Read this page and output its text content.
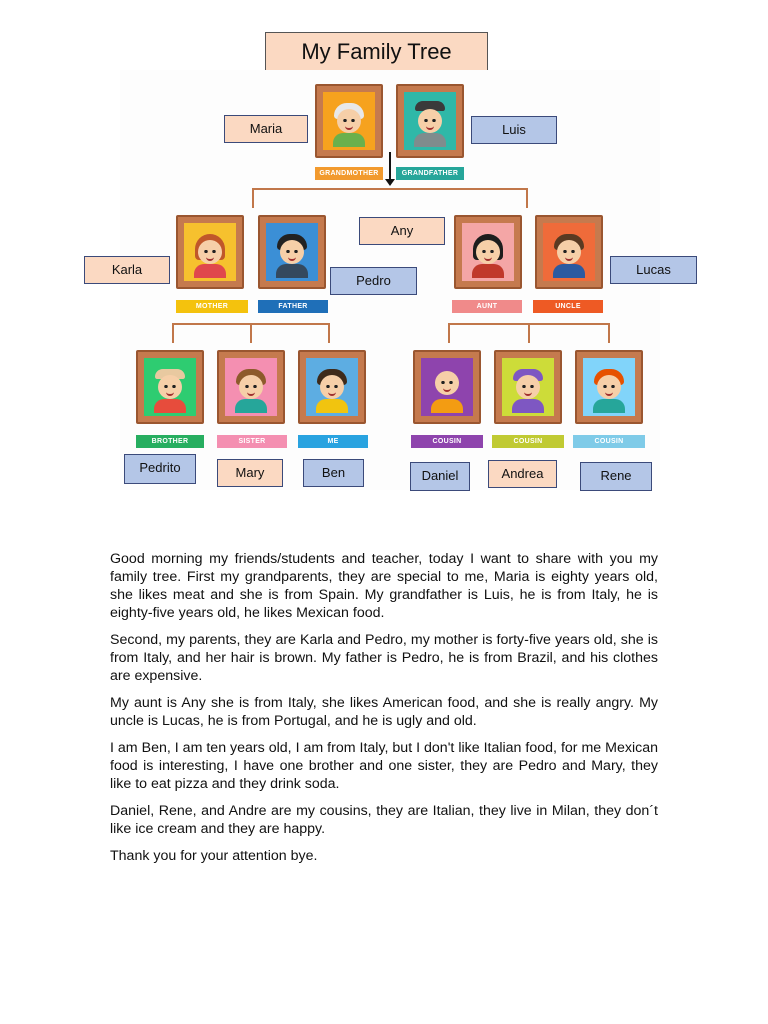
My Family Tree
GRANDMOTHER	GRANDFATHER
MOTHER	FATHER	AUNT	UNCLE
BROTHER	SISTER	ME	COUSIN	COUSIN	COUSIN
Maria	Luis
Any
Karla
Pedro
Lucas
Pedrito	Mary	Ben	Daniel	Andrea	Rene

Good morning my friends/students and teacher, today I want to share with you my family tree. First my grandparents, they are special to me, Maria is eighty years old, she likes meat and she is from Spain. My grandfather is Luis, he is from Italy, he is eighty-five years old, he likes Mexican food.

Second, my parents, they are Karla and Pedro, my mother is forty-five years old, she is from Italy, and her hair is brown. My father is Pedro, he is from Brazil, and his clothes are expensive.

My aunt is Any she is from Italy, she likes American food, and she is really angry. My uncle is Lucas, he is from Portugal, and he is ugly and old.

I am Ben, I am ten years old, I am from Italy, but I don't like Italian food, for me Mexican food is interesting, I have one brother and one sister, they are Pedro and Mary, they like to eat pizza and they drink soda.

Daniel, Rene, and Andre are my cousins, they are Italian, they live in Milan, they don´t like ice cream and they are happy.

Thank you for your attention bye.
